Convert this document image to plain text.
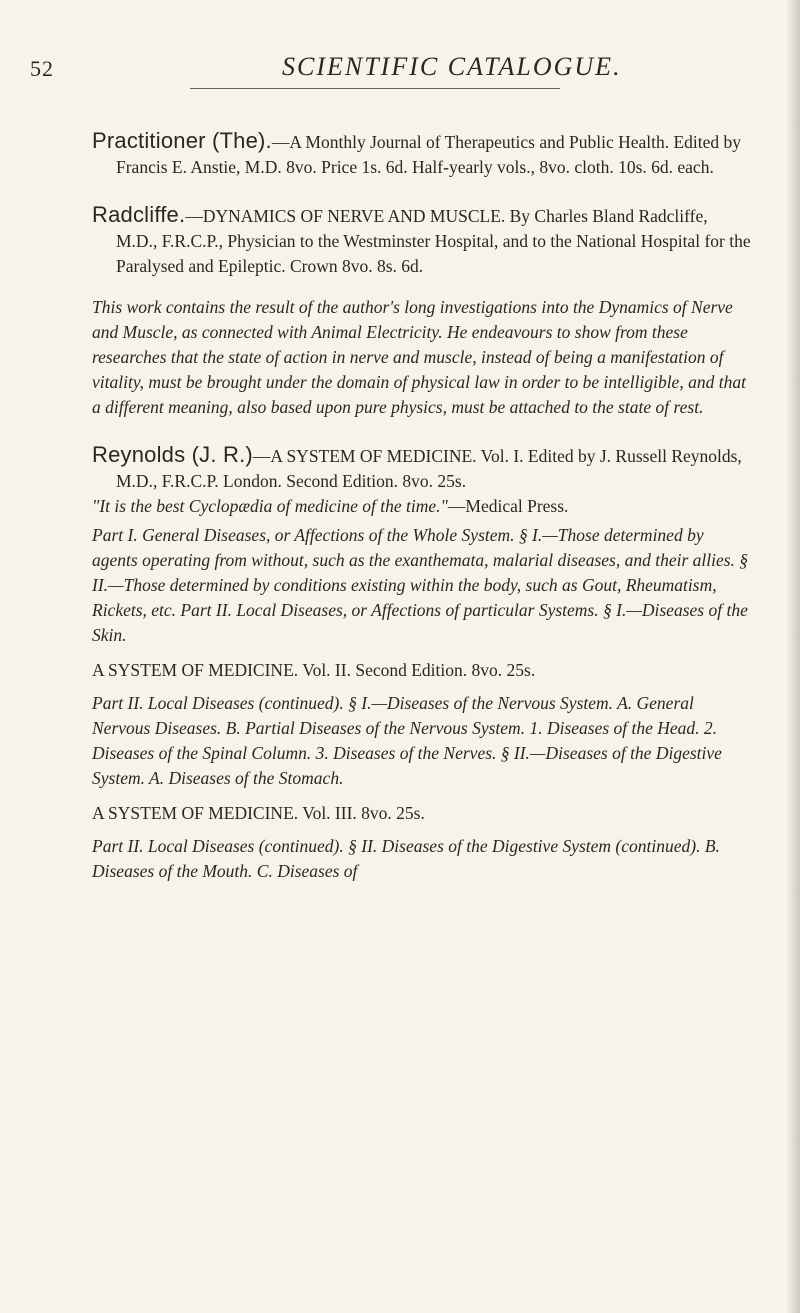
52	SCIENTIFIC CATALOGUE.

Practitioner (The).—A Monthly Journal of Therapeutics and Public Health. Edited by Francis E. Anstie, M.D. 8vo. Price 1s. 6d. Half-yearly vols., 8vo. cloth. 10s. 6d. each.

Radcliffe.—DYNAMICS OF NERVE AND MUSCLE. By Charles Bland Radcliffe, M.D., F.R.C.P., Physician to the Westminster Hospital, and to the National Hospital for the Paralysed and Epileptic. Crown 8vo. 8s. 6d.

This work contains the result of the author's long investigations into the Dynamics of Nerve and Muscle, as connected with Animal Electricity. He endeavours to show from these researches that the state of action in nerve and muscle, instead of being a manifestation of vitality, must be brought under the domain of physical law in order to be intelligible, and that a different meaning, also based upon pure physics, must be attached to the state of rest.

Reynolds (J. R.)—A SYSTEM OF MEDICINE. Vol. I. Edited by J. Russell Reynolds, M.D., F.R.C.P. London. Second Edition. 8vo. 25s.

"It is the best Cyclopædia of medicine of the time."—Medical Press.

Part I. General Diseases, or Affections of the Whole System. § I.—Those determined by agents operating from without, such as the exanthemata, malarial diseases, and their allies. § II.—Those determined by conditions existing within the body, such as Gout, Rheumatism, Rickets, etc. Part II. Local Diseases, or Affections of particular Systems. § I.—Diseases of the Skin.

A SYSTEM OF MEDICINE. Vol. II. Second Edition. 8vo. 25s.

Part II. Local Diseases (continued). § I.—Diseases of the Nervous System. A. General Nervous Diseases. B. Partial Diseases of the Nervous System. 1. Diseases of the Head. 2. Diseases of the Spinal Column. 3. Diseases of the Nerves. § II.—Diseases of the Digestive System. A. Diseases of the Stomach.

A SYSTEM OF MEDICINE. Vol. III. 8vo. 25s.

Part II. Local Diseases (continued). § II. Diseases of the Digestive System (continued). B. Diseases of the Mouth. C. Diseases of
